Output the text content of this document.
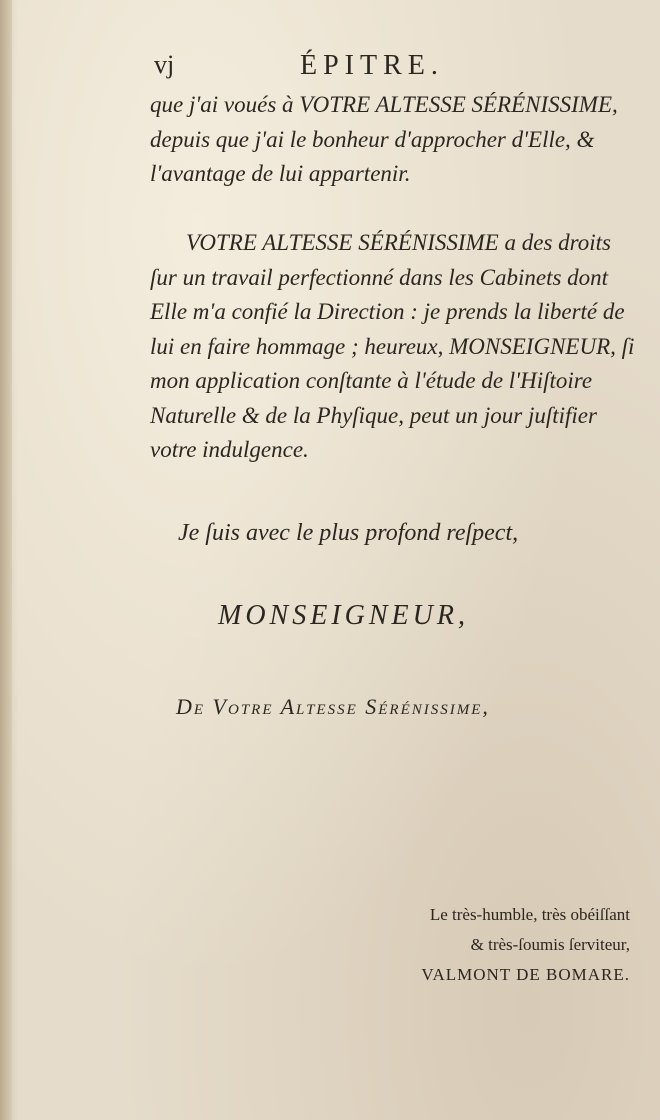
vj	ÉPITRE.
que j'ai voués à VOTRE ALTESSE SÉRÉNISSIME, depuis que j'ai le bonheur d'approcher d'Elle, & l'avantage de lui appartenir.
VOTRE ALTESSE SÉRÉNISSIME a des droits ſur un travail perfectionné dans les Cabinets dont Elle m'a confié la Direction : je prends la liberté de lui en faire hommage ; heureux, MONSEIGNEUR, ſi mon application conſtante à l'étude de l'Hiſtoire Naturelle & de la Phyſique, peut un jour juſtifier votre indulgence.
Je ſuis avec le plus profond reſpect,
MONSEIGNEUR,
De Votre Altesse Sérénissime,
Le très-humble, très obéiſſant
& très-ſoumis ſerviteur,
VALMONT DE BOMARE.
